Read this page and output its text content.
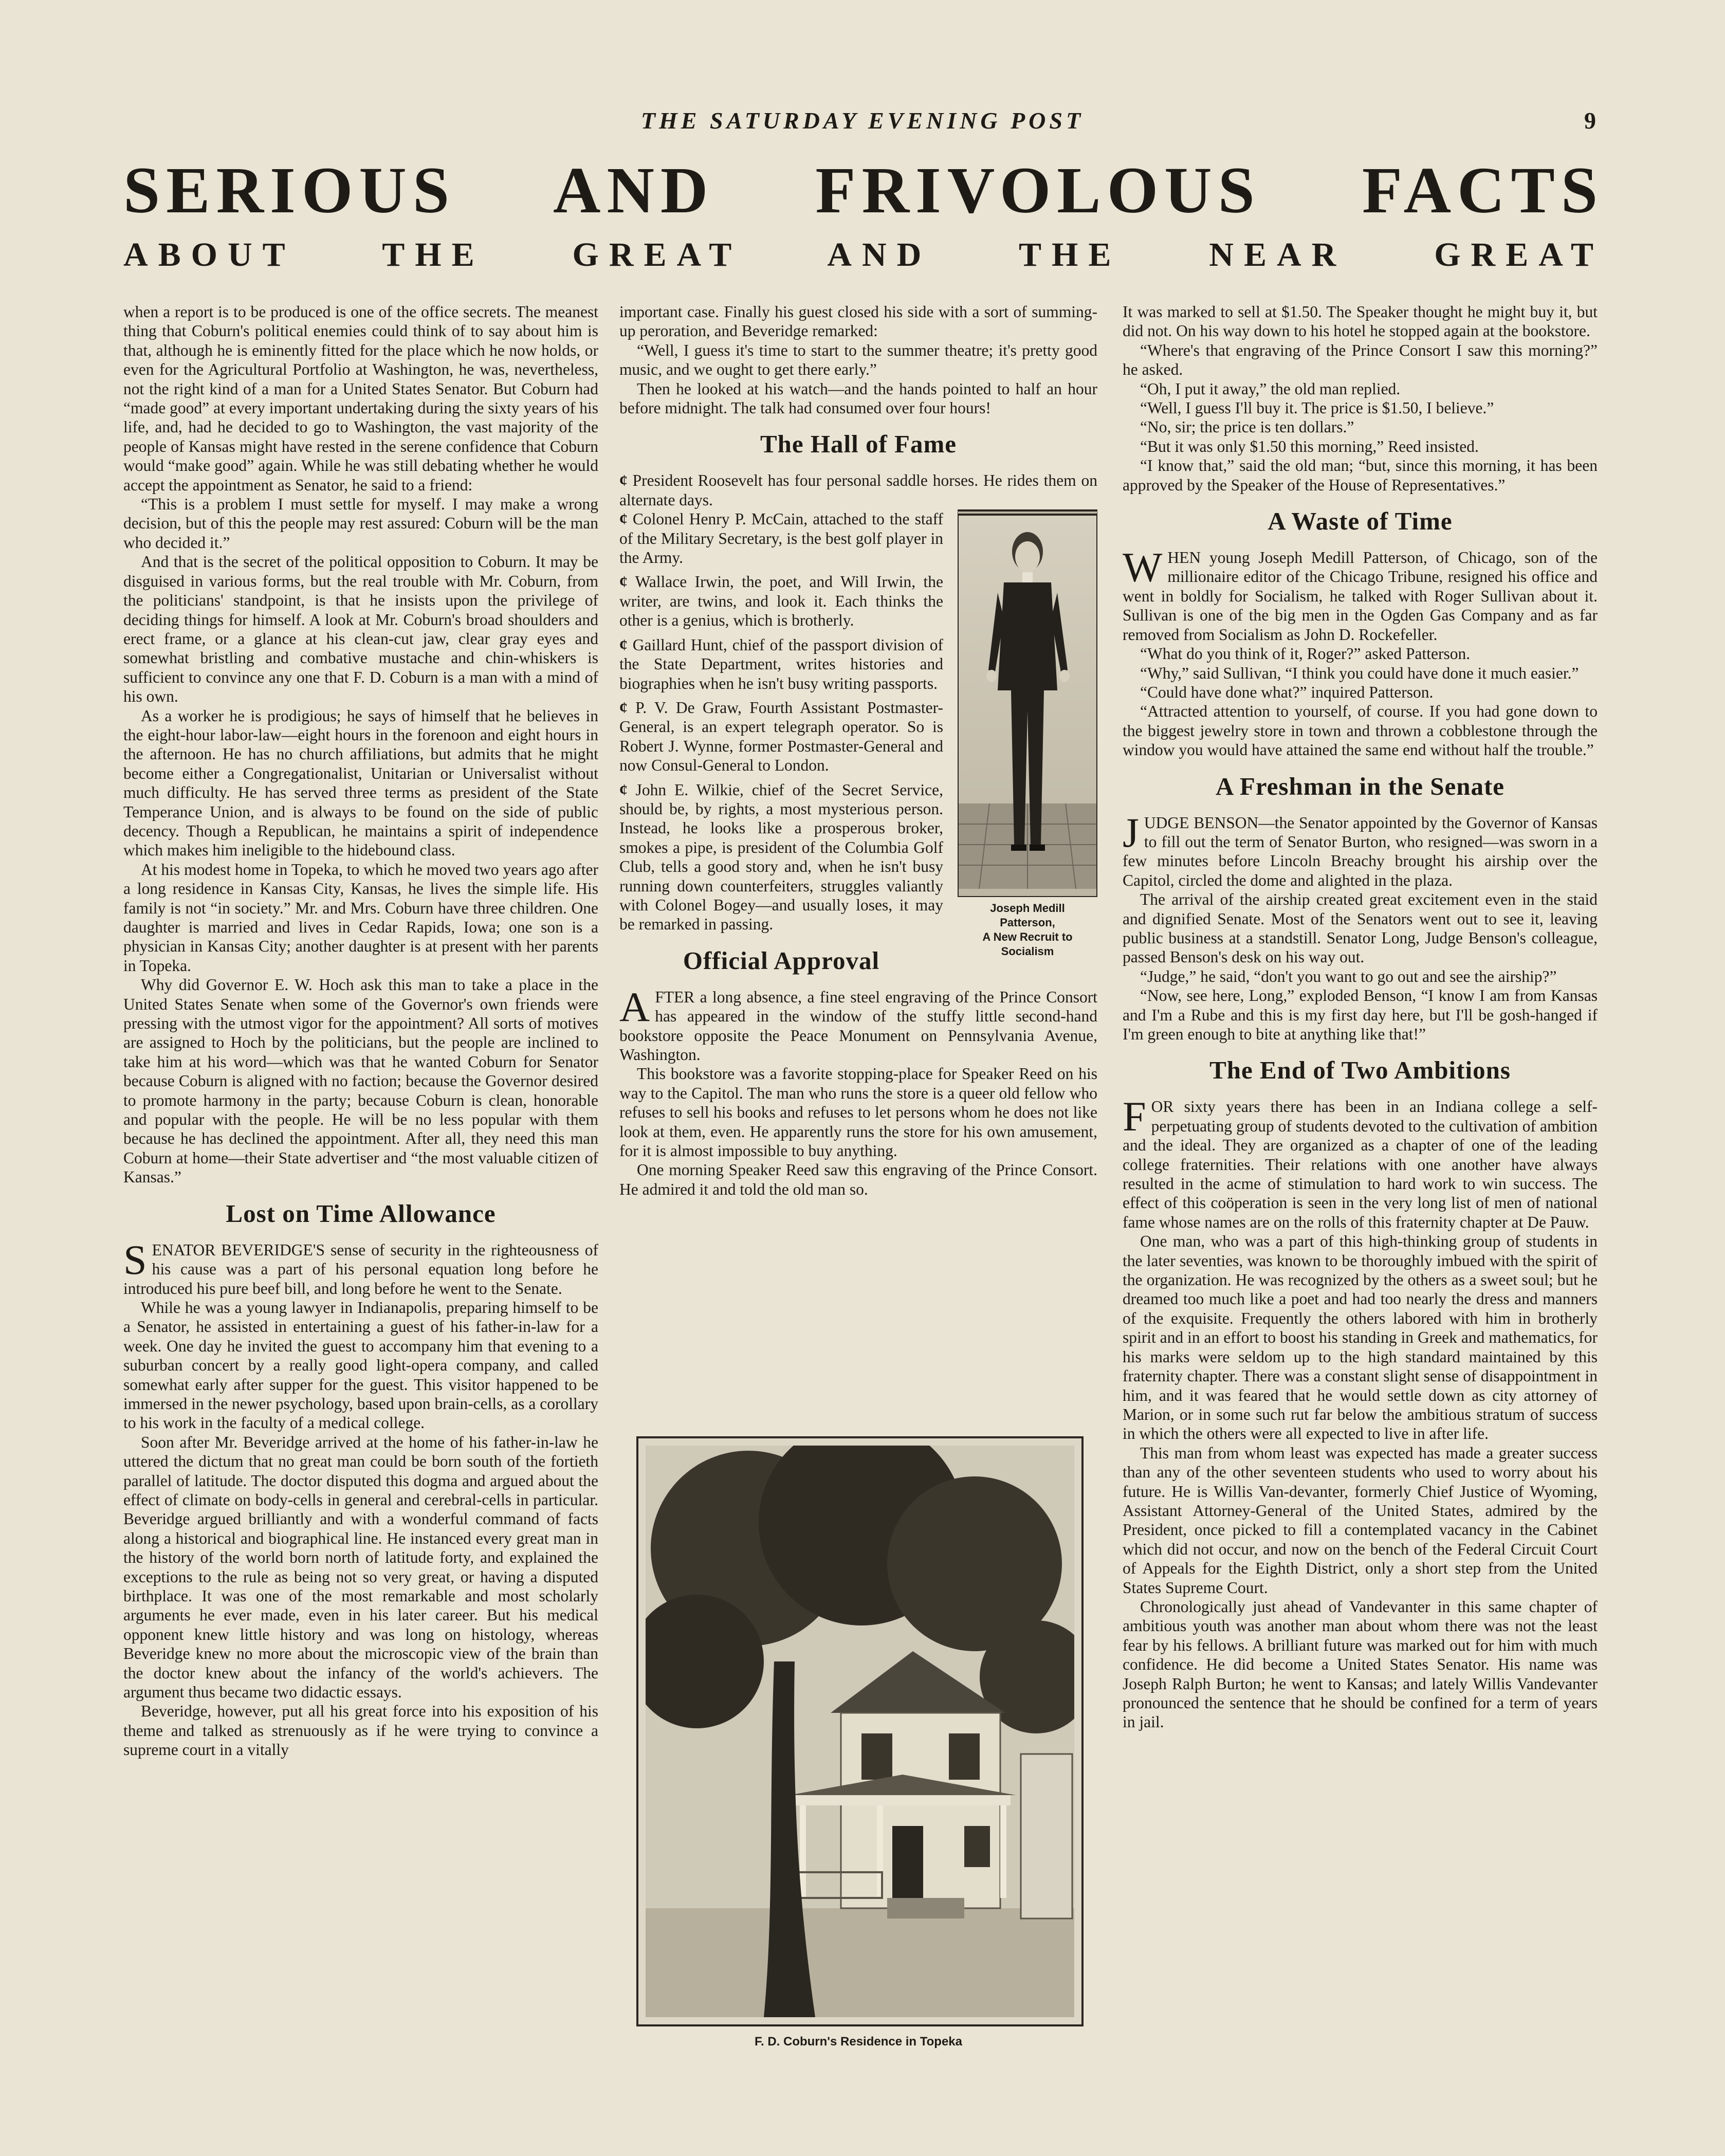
THE SATURDAY EVENING POST	9
SERIOUS AND FRIVOLOUS FACTS
ABOUT THE GREAT AND THE NEAR GREAT

when a report is to be produced is one of the office secrets. The meanest thing that Coburn's political enemies could think of to say about him is that, although he is eminently fitted for the place which he now holds, or even for the Agricultural Portfolio at Washington, he was, nevertheless, not the right kind of a man for a United States Senator. But Coburn had “made good” at every important undertaking during the sixty years of his life, and, had he decided to go to Washington, the vast majority of the people of Kansas might have rested in the serene confidence that Coburn would “make good” again. While he was still debating whether he would accept the appointment as Senator, he said to a friend:

“This is a problem I must settle for myself. I may make a wrong decision, but of this the people may rest assured: Coburn will be the man who decided it.”

And that is the secret of the political opposition to Coburn. It may be disguised in various forms, but the real trouble with Mr. Coburn, from the politicians' standpoint, is that he insists upon the privilege of deciding things for himself. A look at Mr. Coburn's broad shoulders and erect frame, or a glance at his clean-cut jaw, clear gray eyes and somewhat bristling and combative mustache and chin-whiskers is sufficient to convince any one that F. D. Coburn is a man with a mind of his own.

As a worker he is prodigious; he says of himself that he believes in the eight-hour labor-law—eight hours in the forenoon and eight hours in the afternoon. He has no church affiliations, but admits that he might become either a Congregationalist, Unitarian or Universalist without much difficulty. He has served three terms as president of the State Temperance Union, and is always to be found on the side of public decency. Though a Republican, he maintains a spirit of independence which makes him ineligible to the hidebound class.

At his modest home in Topeka, to which he moved two years ago after a long residence in Kansas City, Kansas, he lives the simple life. His family is not “in society.” Mr. and Mrs. Coburn have three children. One daughter is married and lives in Cedar Rapids, Iowa; one son is a physician in Kansas City; another daughter is at present with her parents in Topeka.

Why did Governor E. W. Hoch ask this man to take a place in the United States Senate when some of the Governor's own friends were pressing with the utmost vigor for the appointment? All sorts of motives are assigned to Hoch by the politicians, but the people are inclined to take him at his word—which was that he wanted Coburn for Senator because Coburn is aligned with no faction; because the Governor desired to promote harmony in the party; because Coburn is clean, honorable and popular with the people. He will be no less popular with them because he has declined the appointment. After all, they need this man Coburn at home—their State advertiser and “the most valuable citizen of Kansas.”

Lost on Time Allowance

SENATOR BEVERIDGE'S sense of security in the righteousness of his cause was a part of his personal equation long before he introduced his pure beef bill, and long before he went to the Senate.

While he was a young lawyer in Indianapolis, preparing himself to be a Senator, he assisted in entertaining a guest of his father-in-law for a week. One day he invited the guest to accompany him that evening to a suburban concert by a really good light-opera company, and called somewhat early after supper for the guest. This visitor happened to be immersed in the newer psychology, based upon brain-cells, as a corollary to his work in the faculty of a medical college.

Soon after Mr. Beveridge arrived at the home of his father-in-law he uttered the dictum that no great man could be born south of the fortieth parallel of latitude. The doctor disputed this dogma and argued about the effect of climate on body-cells in general and cerebral-cells in particular. Beveridge argued brilliantly and with a wonderful command of facts along a historical and biographical line. He instanced every great man in the history of the world born north of latitude forty, and explained the exceptions to the rule as being not so very great, or having a disputed birthplace. It was one of the most remarkable and most scholarly arguments he ever made, even in his later career. But his medical opponent knew little history and was long on histology, whereas Beveridge knew no more about the microscopic view of the brain than the doctor knew about the infancy of the world's achievers. The argument thus became two didactic essays.

Beveridge, however, put all his great force into his exposition of his theme and talked as strenuously as if he were trying to convince a supreme court in a vitally

important case. Finally his guest closed his side with a sort of summing-up peroration, and Beveridge remarked:

“Well, I guess it's time to start to the summer theatre; it's pretty good music, and we ought to get there early.”

Then he looked at his watch—and the hands pointed to half an hour before midnight. The talk had consumed over four hours!

The Hall of Fame

¢ President Roosevelt has four personal saddle horses. He rides them on alternate days.

Joseph Medill
Patterson,
A New Recruit to
Socialism

¢ Colonel Henry P. McCain, attached to the staff of the Military Secretary, is the best golf player in the Army.

¢ Wallace Irwin, the poet, and Will Irwin, the writer, are twins, and look it. Each thinks the other is a genius, which is brotherly.

¢ Gaillard Hunt, chief of the passport division of the State Department, writes histories and biographies when he isn't busy writing passports.

¢ P. V. De Graw, Fourth Assistant Postmaster-General, is an expert telegraph operator. So is Robert J. Wynne, former Postmaster-General and now Consul-General to London.

¢ John E. Wilkie, chief of the Secret Service, should be, by rights, a most mysterious person. Instead, he looks like a prosperous broker, smokes a pipe, is president of the Columbia Golf Club, tells a good story and, when he isn't busy running down counterfeiters, struggles valiantly with Colonel Bogey—and usually loses, it may be remarked in passing.

Official Approval

AFTER a long absence, a fine steel engraving of the Prince Consort has appeared in the window of the stuffy little second-hand bookstore opposite the Peace Monument on Pennsylvania Avenue, Washington.

This bookstore was a favorite stopping-place for Speaker Reed on his way to the Capitol. The man who runs the store is a queer old fellow who refuses to sell his books and refuses to let persons whom he does not like look at them, even. He apparently runs the store for his own amusement, for it is almost impossible to buy anything.

One morning Speaker Reed saw this engraving of the Prince Consort. He admired it and told the old man so.

F. D. Coburn's Residence in Topeka

It was marked to sell at $1.50. The Speaker thought he might buy it, but did not. On his way down to his hotel he stopped again at the bookstore.

“Where's that engraving of the Prince Consort I saw this morning?” he asked.

“Oh, I put it away,” the old man replied.

“Well, I guess I'll buy it. The price is $1.50, I believe.”

“No, sir; the price is ten dollars.”

“But it was only $1.50 this morning,” Reed insisted.

“I know that,” said the old man; “but, since this morning, it has been approved by the Speaker of the House of Representatives.”

A Waste of Time

WHEN young Joseph Medill Patterson, of Chicago, son of the millionaire editor of the Chicago Tribune, resigned his office and went in boldly for Socialism, he talked with Roger Sullivan about it. Sullivan is one of the big men in the Ogden Gas Company and as far removed from Socialism as John D. Rockefeller.

“What do you think of it, Roger?” asked Patterson.

“Why,” said Sullivan, “I think you could have done it much easier.”

“Could have done what?” inquired Patterson.

“Attracted attention to yourself, of course. If you had gone down to the biggest jewelry store in town and thrown a cobblestone through the window you would have attained the same end without half the trouble.”

A Freshman in the Senate

JUDGE BENSON—the Senator appointed by the Governor of Kansas to fill out the term of Senator Burton, who resigned—was sworn in a few minutes before Lincoln Breachy brought his airship over the Capitol, circled the dome and alighted in the plaza.

The arrival of the airship created great excitement even in the staid and dignified Senate. Most of the Senators went out to see it, leaving public business at a standstill. Senator Long, Judge Benson's colleague, passed Benson's desk on his way out.

“Judge,” he said, “don't you want to go out and see the airship?”

“Now, see here, Long,” exploded Benson, “I know I am from Kansas and I'm a Rube and this is my first day here, but I'll be gosh-hanged if I'm green enough to bite at anything like that!”

The End of Two Ambitions

FOR sixty years there has been in an Indiana college a self-perpetuating group of students devoted to the cultivation of ambition and the ideal. They are organized as a chapter of one of the leading college fraternities. Their relations with one another have always resulted in the acme of stimulation to hard work to win success. The effect of this coöperation is seen in the very long list of men of national fame whose names are on the rolls of this fraternity chapter at De Pauw.

One man, who was a part of this high-thinking group of students in the later seventies, was known to be thoroughly imbued with the spirit of the organization. He was recognized by the others as a sweet soul; but he dreamed too much like a poet and had too nearly the dress and manners of the exquisite. Frequently the others labored with him in brotherly spirit and in an effort to boost his standing in Greek and mathematics, for his marks were seldom up to the high standard maintained by this fraternity chapter. There was a constant slight sense of disappointment in him, and it was feared that he would settle down as city attorney of Marion, or in some such rut far below the ambitious stratum of success in which the others were all expected to live in after life.

This man from whom least was expected has made a greater success than any of the other seventeen students who used to worry about his future. He is Willis Van-devanter, formerly Chief Justice of Wyoming, Assistant Attorney-General of the United States, admired by the President, once picked to fill a contemplated vacancy in the Cabinet which did not occur, and now on the bench of the Federal Circuit Court of Appeals for the Eighth District, only a short step from the United States Supreme Court.

Chronologically just ahead of Vandevanter in this same chapter of ambitious youth was another man about whom there was not the least fear by his fellows. A brilliant future was marked out for him with much confidence. He did become a United States Senator. His name was Joseph Ralph Burton; he went to Kansas; and lately Willis Vandevanter pronounced the sentence that he should be confined for a term of years in jail.
